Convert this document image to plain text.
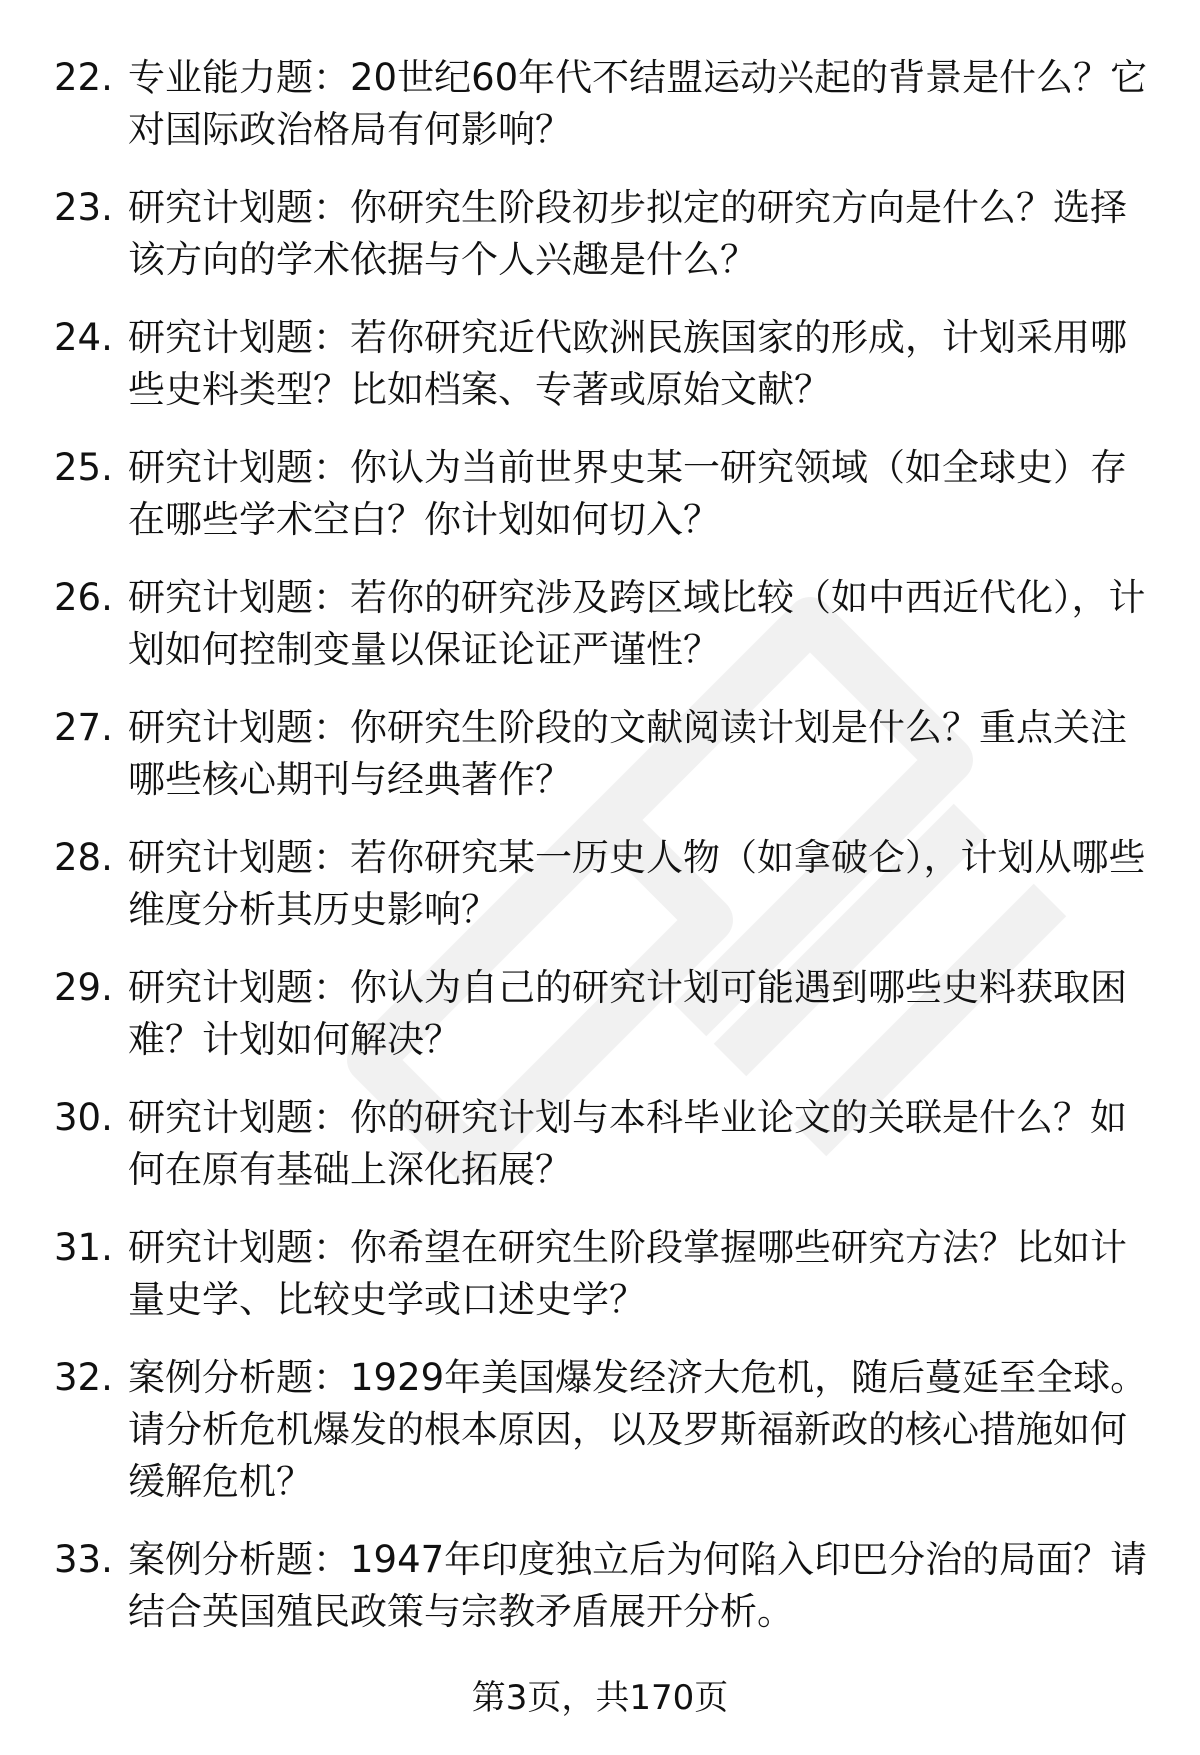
22. 专业能力题：20世纪60年代不结盟运动兴起的背景是什么？它对国际政治格局有何影响？
23. 研究计划题：你研究生阶段初步拟定的研究方向是什么？选择该方向的学术依据与个人兴趣是什么？
24. 研究计划题：若你研究近代欧洲民族国家的形成，计划采用哪些史料类型？比如档案、专著或原始文献？
25. 研究计划题：你认为当前世界史某一研究领域（如全球史）存在哪些学术空白？你计划如何切入？
26. 研究计划题：若你的研究涉及跨区域比较（如中西近代化），计划如何控制变量以保证论证严谨性？
27. 研究计划题：你研究生阶段的文献阅读计划是什么？重点关注哪些核心期刊与经典著作？
28. 研究计划题：若你研究某一历史人物（如拿破仑），计划从哪些维度分析其历史影响？
29. 研究计划题：你认为自己的研究计划可能遇到哪些史料获取困难？计划如何解决？
30. 研究计划题：你的研究计划与本科毕业论文的关联是什么？如何在原有基础上深化拓展？
31. 研究计划题：你希望在研究生阶段掌握哪些研究方法？比如计量史学、比较史学或口述史学？
32. 案例分析题：1929年美国爆发经济大危机，随后蔓延至全球。请分析危机爆发的根本原因，以及罗斯福新政的核心措施如何缓解危机？
33. 案例分析题：1947年印度独立后为何陷入印巴分治的局面？请结合英国殖民政策与宗教矛盾展开分析。
第3页，共170页
